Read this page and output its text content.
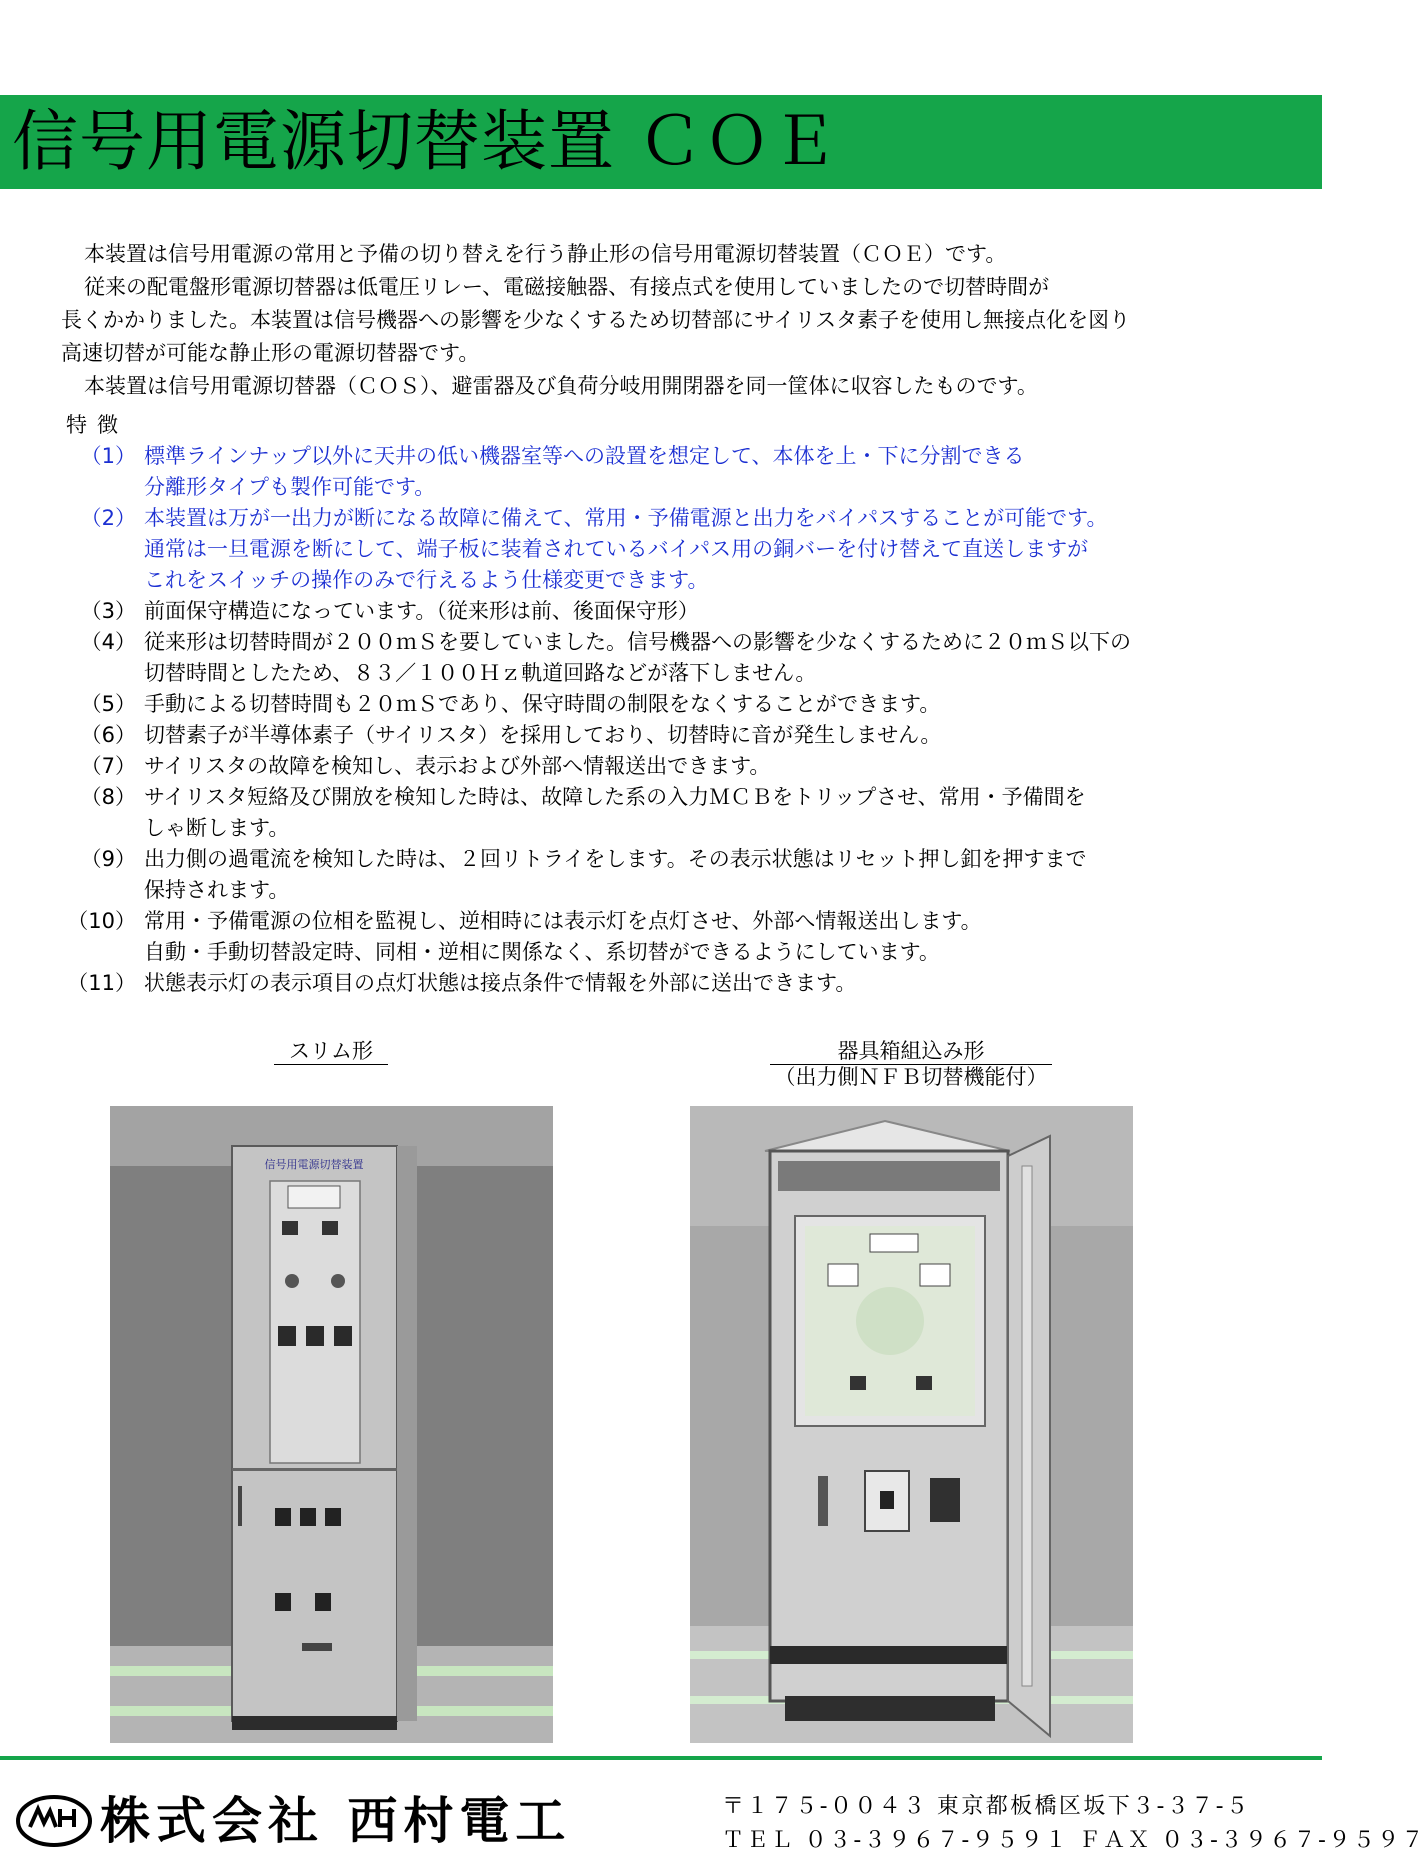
信号用電源切替装置 ＣＯＥ

本装置は信号用電源の常用と予備の切り替えを行う静止形の信号用電源切替装置（ＣＯＥ）です。

従来の配電盤形電源切替器は低電圧リレー、電磁接触器、有接点式を使用していましたので切替時間が

長くかかりました。本装置は信号機器への影響を少なくするため切替部にサイリスタ素子を使用し無接点化を図り

高速切替が可能な静止形の電源切替器です。

本装置は信号用電源切替器（ＣＯＳ）、避雷器及び負荷分岐用開閉器を同一筐体に収容したものです。

特徴
（1） 標準ラインナップ以外に天井の低い機器室等への設置を想定して、本体を上・下に分割できる
分離形タイプも製作可能です。
（2） 本装置は万が一出力が断になる故障に備えて、常用・予備電源と出力をバイパスすることが可能です。
通常は一旦電源を断にして、端子板に装着されているバイパス用の銅バーを付け替えて直送しますが
これをスイッチの操作のみで行えるよう仕様変更できます。
（3） 前面保守構造になっています。（従来形は前、後面保守形）
（4） 従来形は切替時間が２００ｍＳを要していました。信号機器への影響を少なくするために２０ｍＳ以下の
切替時間としたため、８３／１００Ｈｚ軌道回路などが落下しません。
（5） 手動による切替時間も２０ｍＳであり、保守時間の制限をなくすることができます。
（6） 切替素子が半導体素子（サイリスタ）を採用しており、切替時に音が発生しません。
（7） サイリスタの故障を検知し、表示および外部へ情報送出できます。
（8） サイリスタ短絡及び開放を検知した時は、故障した系の入力ＭＣＢをトリップさせ、常用・予備間を
しゃ断します。
（9） 出力側の過電流を検知した時は、２回リトライをします。その表示状態はリセット押し釦を押すまで
保持されます。
（10） 常用・予備電源の位相を監視し、逆相時には表示灯を点灯させ、外部へ情報送出します。
自動・手動切替設定時、同相・逆相に関係なく、系切替ができるようにしています。
（11） 状態表示灯の表示項目の点灯状態は接点条件で情報を外部に送出できます。
スリム形	器具箱組込み形
（出力側ＮＦＢ切替機能付）
信号用電源切替装置
株式会社 西村電工	〒１７５-００４３ 東京都板橋区坂下３-３７-５
ＴＥＬ ０３-３９６７-９５９１ ＦＡＸ ０３-３９６７-９５９７
